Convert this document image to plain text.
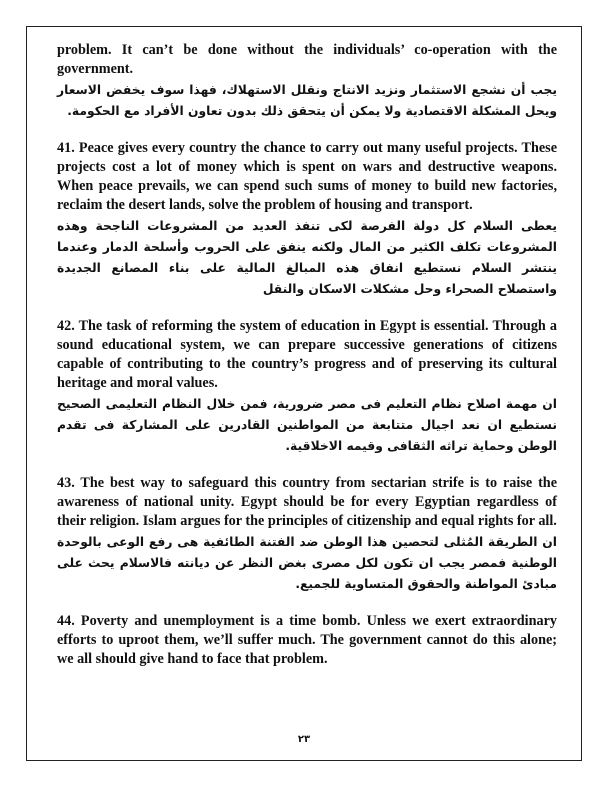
problem. It can’t be done without the individuals’ co-operation with the government.

يجب أن نشجع الاستثمار ونزيد الانتاج ونقلل الاستهلاك، فهذا سوف يخفض الاسعار ويحل المشكلة الاقتصادية ولا يمكن أن يتحقق ذلك بدون تعاون الأفراد مع الحكومة.

41. Peace gives every country the chance to carry out many useful projects. These projects cost a lot of money which is spent on wars and destructive weapons. When peace prevails, we can spend such sums of money to build new factories, reclaim the desert lands, solve the problem of housing and transport.

يعطى السلام كل دولة الفرصة لكى تنفذ العديد من المشروعات الناجحة وهذه المشروعات تكلف الكثير من المال ولكنه ينفق على الحروب وأسلحة الدمار وعندما ينتشر السلام نستطيع انفاق هذه المبالغ المالية على بناء المصانع الجديدة واستصلاح الصحراء وحل مشكلات الاسكان والنقل

42. The task of reforming the system of education in Egypt is essential. Through a sound educational system, we can prepare successive generations of citizens capable of contributing to the country’s progress and of preserving its cultural heritage and moral values.

ان مهمة اصلاح نظام التعليم فى مصر ضرورية، فمن خلال النظام التعليمى الصحيح نستطيع ان نعد اجيال متتابعة من المواطنين القادرين على المشاركة فى تقدم الوطن وحماية تراثه الثقافى وقيمه الاخلاقية.

43. The best way to safeguard this country from sectarian strife is to raise the awareness of national unity. Egypt should be for every Egyptian regardless of their religion. Islam argues for the principles of citizenship and equal rights for all.

ان الطريقة المُثلى لتحصين هذا الوطن ضد الفتنة الطائفية هى رفع الوعى بالوحدة الوطنية فمصر يجب ان تكون لكل مصرى بغض النظر عن ديانته فالاسلام يحث على مبادئ المواطنة والحقوق المتساوية للجميع.

44. Poverty and unemployment is a time bomb. Unless we exert extraordinary efforts to uproot them, we’ll suffer much. The government cannot do this alone; we all should give hand to face that problem.

٢٣
